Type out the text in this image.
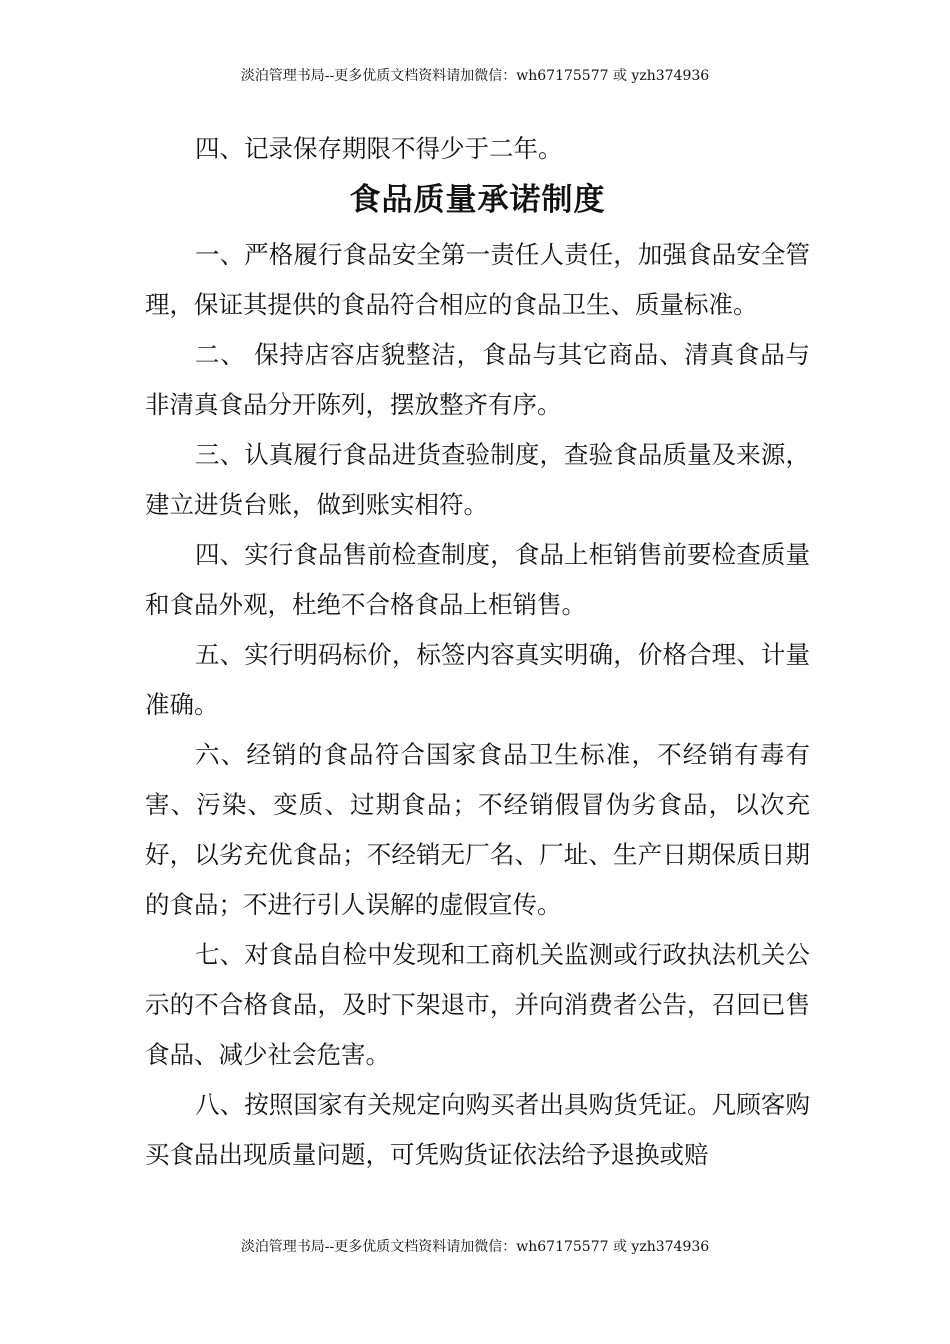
淡泊管理书局--更多优质文档资料请加微信：wh67175577 或 yzh374936

四、记录保存期限不得少于二年。

食品质量承诺制度

一、严格履行食品安全第一责任人责任，加强食品安全管理，保证其提供的食品符合相应的食品卫生、质量标准。

二、 保持店容店貌整洁，食品与其它商品、清真食品与非清真食品分开陈列，摆放整齐有序。

三、认真履行食品进货查验制度，查验食品质量及来源，建立进货台账，做到账实相符。

四、实行食品售前检查制度，食品上柜销售前要检查质量和食品外观，杜绝不合格食品上柜销售。

五、实行明码标价，标签内容真实明确，价格合理、计量准确。

六、经销的食品符合国家食品卫生标准，不经销有毒有害、污染、变质、过期食品；不经销假冒伪劣食品，以次充好，以劣充优食品；不经销无厂名、厂址、生产日期保质日期的食品；不进行引人误解的虚假宣传。

七、对食品自检中发现和工商机关监测或行政执法机关公示的不合格食品，及时下架退市，并向消费者公告，召回已售食品、减少社会危害。

八、按照国家有关规定向购买者出具购货凭证。凡顾客购买食品出现质量问题，可凭购货证依法给予退换或赔

淡泊管理书局--更多优质文档资料请加微信：wh67175577 或 yzh374936
